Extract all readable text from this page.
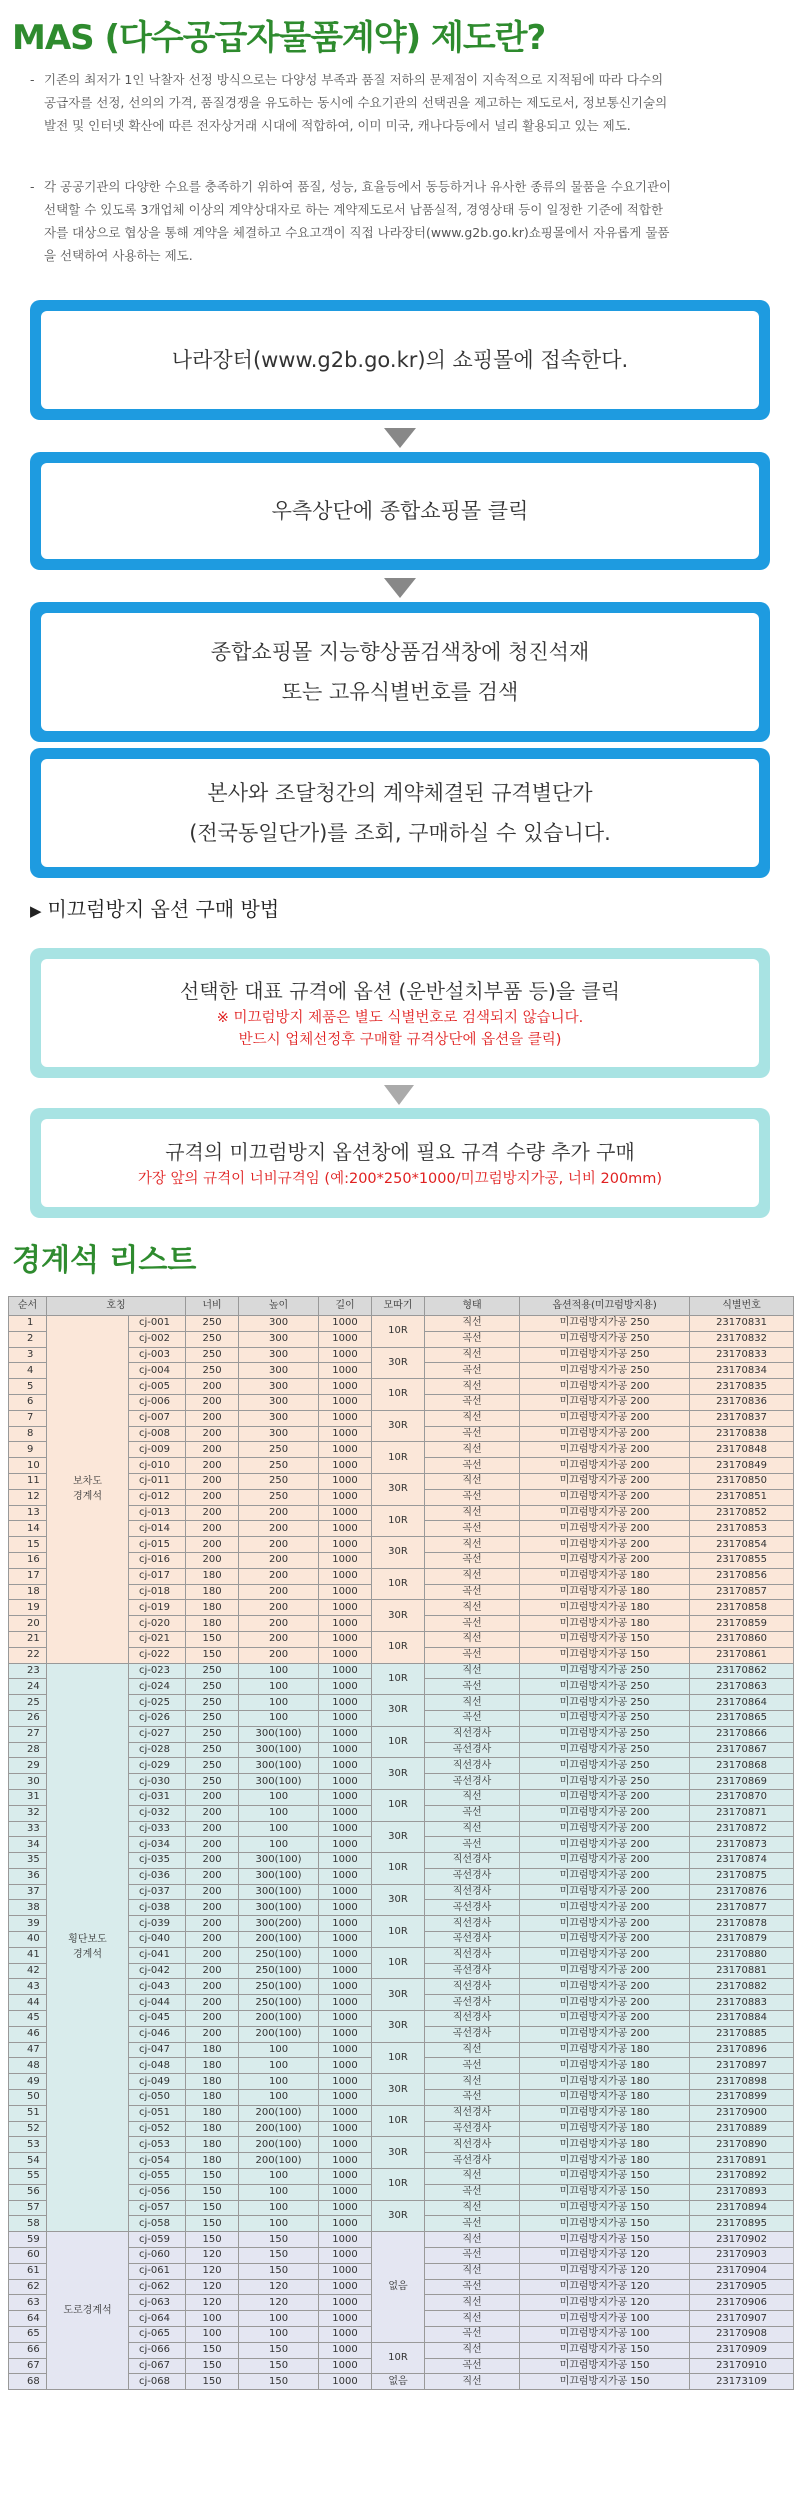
MAS (다수공급자물품계약) 제도란?
- 기존의 최저가 1인 낙찰자 선정 방식으로는 다양성 부족과 품질 저하의 문제점이 지속적으로 지적됨에 따라 다수의
공급자를 선정, 선의의 가격, 품질경쟁을 유도하는 동시에 수요기관의 선택권을 제고하는 제도로서, 정보통신기술의
발전 및 인터넷 확산에 따른 전자상거래 시대에 적합하여, 이미 미국, 캐나다등에서 널리 활용되고 있는 제도.
- 각 공공기관의 다양한 수요를 충족하기 위하여 품질, 성능, 효율등에서 동등하거나 유사한 종류의 물품을 수요기관이
선택할 수 있도록 3개업체 이상의 계약상대자로 하는 계약제도로서 납품실적, 경영상태 등이 일정한 기준에 적합한
자를 대상으로 협상을 통해 계약을 체결하고 수요고객이 직접 나라장터(www.g2b.go.kr)쇼핑몰에서 자유롭게 물품
을 선택하여 사용하는 제도.
나라장터(www.g2b.go.kr)의 쇼핑몰에 접속한다.
우측상단에 종합쇼핑몰 클릭
종합쇼핑몰 지능향상품검색창에 청진석재
또는 고유식별번호를 검색
본사와 조달청간의 계약체결된 규격별단가
(전국동일단가)를 조회, 구매하실 수 있습니다.
▶ 미끄럼방지 옵션 구매 방법
선택한 대표 규격에 옵션 (운반설치부품 등)을 클릭
※ 미끄럼방지 제품은 별도 식별번호로 검색되지 않습니다.
반드시 업체선정후 구매할 규격상단에 옵션을 클릭)
규격의 미끄럼방지 옵션창에 필요 규격 수량 추가 구매
가장 앞의 규격이 너비규격임 (예:200*250*1000/미끄럼방지가공, 너비 200mm)
경계석 리스트
순서	호칭		너비	높이	길이	모따기	형태	옵션적용(미끄럼방지용)	식별번호
1	보차도
경계석	cj-001	250	300	1000	10R	직선	미끄럼방지가공 250	23170831
2		cj-002	250	300	1000		곡선	미끄럼방지가공 250	23170832
3		cj-003	250	300	1000	30R	직선	미끄럼방지가공 250	23170833
4		cj-004	250	300	1000		곡선	미끄럼방지가공 250	23170834
5		cj-005	200	300	1000	10R	직선	미끄럼방지가공 200	23170835
6		cj-006	200	300	1000		곡선	미끄럼방지가공 200	23170836
7		cj-007	200	300	1000	30R	직선	미끄럼방지가공 200	23170837
8		cj-008	200	300	1000		곡선	미끄럼방지가공 200	23170838
9		cj-009	200	250	1000	10R	직선	미끄럼방지가공 200	23170848
10		cj-010	200	250	1000		곡선	미끄럼방지가공 200	23170849
11		cj-011	200	250	1000	30R	직선	미끄럼방지가공 200	23170850
12		cj-012	200	250	1000		곡선	미끄럼방지가공 200	23170851
13		cj-013	200	200	1000	10R	직선	미끄럼방지가공 200	23170852
14		cj-014	200	200	1000		곡선	미끄럼방지가공 200	23170853
15		cj-015	200	200	1000	30R	직선	미끄럼방지가공 200	23170854
16		cj-016	200	200	1000		곡선	미끄럼방지가공 200	23170855
17		cj-017	180	200	1000	10R	직선	미끄럼방지가공 180	23170856
18		cj-018	180	200	1000		곡선	미끄럼방지가공 180	23170857
19		cj-019	180	200	1000	30R	직선	미끄럼방지가공 180	23170858
20		cj-020	180	200	1000		곡선	미끄럼방지가공 180	23170859
21		cj-021	150	200	1000	10R	직선	미끄럼방지가공 150	23170860
22		cj-022	150	200	1000		곡선	미끄럼방지가공 150	23170861
23	횡단보도
경계석	cj-023	250	100	1000	10R	직선	미끄럼방지가공 250	23170862
24		cj-024	250	100	1000		곡선	미끄럼방지가공 250	23170863
25		cj-025	250	100	1000	30R	직선	미끄럼방지가공 250	23170864
26		cj-026	250	100	1000		곡선	미끄럼방지가공 250	23170865
27		cj-027	250	300(100)	1000	10R	직선경사	미끄럼방지가공 250	23170866
28		cj-028	250	300(100)	1000		곡선경사	미끄럼방지가공 250	23170867
29		cj-029	250	300(100)	1000	30R	직선경사	미끄럼방지가공 250	23170868
30		cj-030	250	300(100)	1000		곡선경사	미끄럼방지가공 250	23170869
31		cj-031	200	100	1000	10R	직선	미끄럼방지가공 200	23170870
32		cj-032	200	100	1000		곡선	미끄럼방지가공 200	23170871
33		cj-033	200	100	1000	30R	직선	미끄럼방지가공 200	23170872
34		cj-034	200	100	1000		곡선	미끄럼방지가공 200	23170873
35		cj-035	200	300(100)	1000	10R	직선경사	미끄럼방지가공 200	23170874
36		cj-036	200	300(100)	1000		곡선경사	미끄럼방지가공 200	23170875
37		cj-037	200	300(100)	1000	30R	직선경사	미끄럼방지가공 200	23170876
38		cj-038	200	300(100)	1000		곡선경사	미끄럼방지가공 200	23170877
39		cj-039	200	300(200)	1000	10R	직선경사	미끄럼방지가공 200	23170878
40		cj-040	200	200(100)	1000		곡선경사	미끄럼방지가공 200	23170879
41		cj-041	200	250(100)	1000	10R	직선경사	미끄럼방지가공 200	23170880
42		cj-042	200	250(100)	1000		곡선경사	미끄럼방지가공 200	23170881
43		cj-043	200	250(100)	1000	30R	직선경사	미끄럼방지가공 200	23170882
44		cj-044	200	250(100)	1000		곡선경사	미끄럼방지가공 200	23170883
45		cj-045	200	200(100)	1000	30R	직선경사	미끄럼방지가공 200	23170884
46		cj-046	200	200(100)	1000		곡선경사	미끄럼방지가공 200	23170885
47		cj-047	180	100	1000	10R	직선	미끄럼방지가공 180	23170896
48		cj-048	180	100	1000		곡선	미끄럼방지가공 180	23170897
49		cj-049	180	100	1000	30R	직선	미끄럼방지가공 180	23170898
50		cj-050	180	100	1000		곡선	미끄럼방지가공 180	23170899
51		cj-051	180	200(100)	1000	10R	직선경사	미끄럼방지가공 180	23170900
52		cj-052	180	200(100)	1000		곡선경사	미끄럼방지가공 180	23170889
53		cj-053	180	200(100)	1000	30R	직선경사	미끄럼방지가공 180	23170890
54		cj-054	180	200(100)	1000		곡선경사	미끄럼방지가공 180	23170891
55		cj-055	150	100	1000	10R	직선	미끄럼방지가공 150	23170892
56		cj-056	150	100	1000		곡선	미끄럼방지가공 150	23170893
57		cj-057	150	100	1000	30R	직선	미끄럼방지가공 150	23170894
58		cj-058	150	100	1000		곡선	미끄럼방지가공 150	23170895
59	도로경계석	cj-059	150	150	1000	없음	직선	미끄럼방지가공 150	23170902
60		cj-060	120	150	1000		곡선	미끄럼방지가공 120	23170903
61		cj-061	120	150	1000		직선	미끄럼방지가공 120	23170904
62		cj-062	120	120	1000		곡선	미끄럼방지가공 120	23170905
63		cj-063	120	120	1000		직선	미끄럼방지가공 120	23170906
64		cj-064	100	100	1000		직선	미끄럼방지가공 100	23170907
65		cj-065	100	100	1000		곡선	미끄럼방지가공 100	23170908
66		cj-066	150	150	1000	10R	직선	미끄럼방지가공 150	23170909
67		cj-067	150	150	1000		곡선	미끄럼방지가공 150	23170910
68		cj-068	150	150	1000	없음	직선	미끄럼방지가공 150	23173109
